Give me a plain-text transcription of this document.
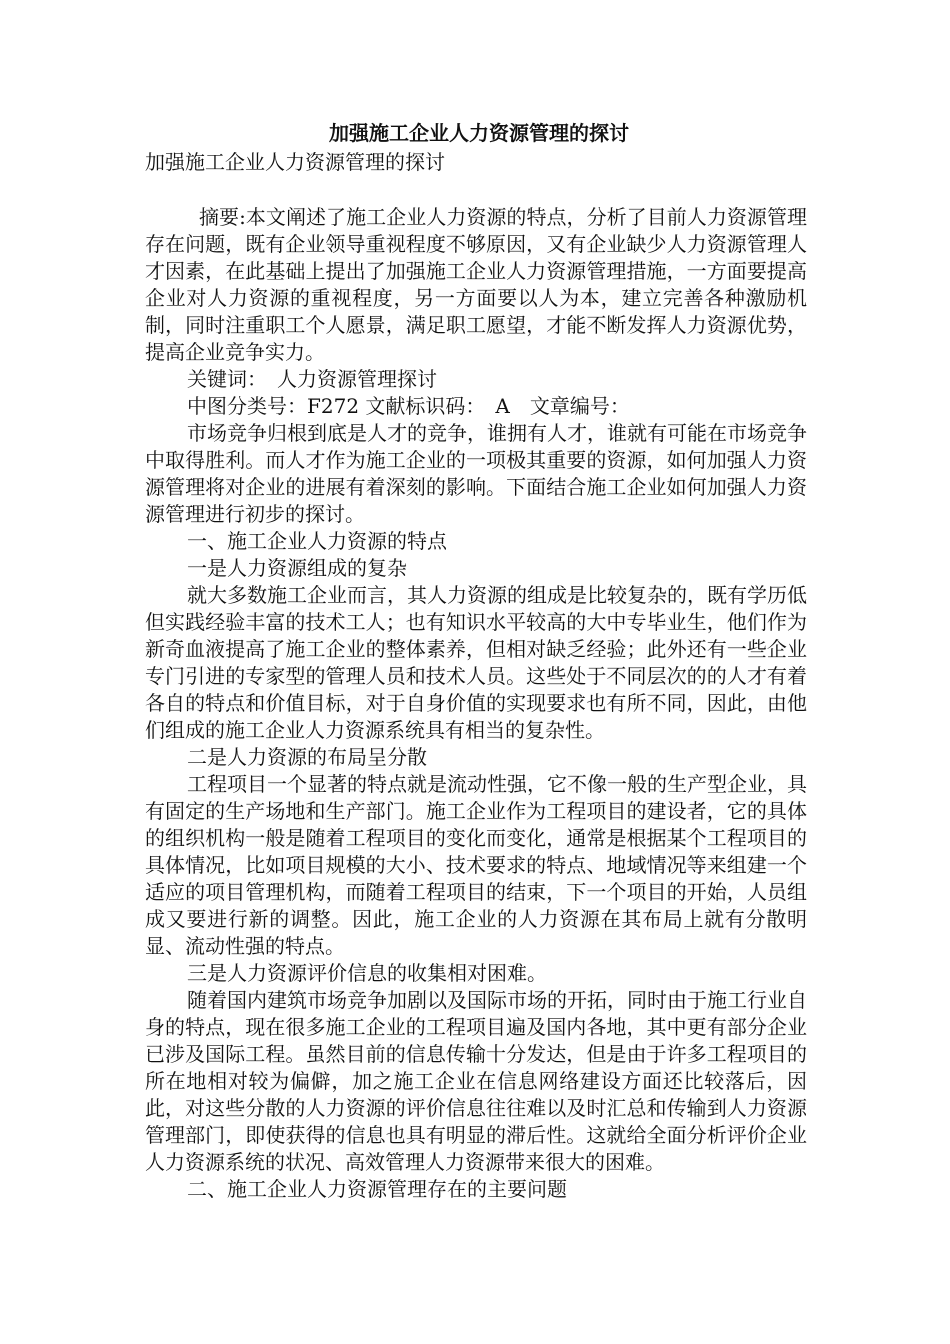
加强施工企业人力资源管理的探讨
加强施工企业人力资源管理的探讨

摘要:本文阐述了施工企业人力资源的特点，分析了目前人力资源管理存在问题，既有企业领导重视程度不够原因，又有企业缺少人力资源管理人才因素，在此基础上提出了加强施工企业人力资源管理措施，一方面要提高企业对人力资源的重视程度，另一方面要以人为本，建立完善各种激励机制，同时注重职工个人愿景，满足职工愿望，才能不断发挥人力资源优势，提高企业竞争实力。

关键词：　人力资源管理探讨

中图分类号：F272 文献标识码：　A　文章编号：

市场竞争归根到底是人才的竞争，谁拥有人才，谁就有可能在市场竞争中取得胜利。而人才作为施工企业的一项极其重要的资源，如何加强人力资源管理将对企业的进展有着深刻的影响。下面结合施工企业如何加强人力资源管理进行初步的探讨。

一、施工企业人力资源的特点

一是人力资源组成的复杂

就大多数施工企业而言，其人力资源的组成是比较复杂的，既有学历低但实践经验丰富的技术工人；也有知识水平较高的大中专毕业生，他们作为新奇血液提高了施工企业的整体素养，但相对缺乏经验；此外还有一些企业专门引进的专家型的管理人员和技术人员。这些处于不同层次的的人才有着各自的特点和价值目标，对于自身价值的实现要求也有所不同，因此，由他们组成的施工企业人力资源系统具有相当的复杂性。

二是人力资源的布局呈分散

工程项目一个显著的特点就是流动性强，它不像一般的生产型企业，具有固定的生产场地和生产部门。施工企业作为工程项目的建设者，它的具体的组织机构一般是随着工程项目的变化而变化，通常是根据某个工程项目的具体情况，比如项目规模的大小、技术要求的特点、地域情况等来组建一个适应的项目管理机构，而随着工程项目的结束，下一个项目的开始，人员组成又要进行新的调整。因此，施工企业的人力资源在其布局上就有分散明显、流动性强的特点。

三是人力资源评价信息的收集相对困难。

随着国内建筑市场竞争加剧以及国际市场的开拓，同时由于施工行业自身的特点，现在很多施工企业的工程项目遍及国内各地，其中更有部分企业已涉及国际工程。虽然目前的信息传输十分发达，但是由于许多工程项目的所在地相对较为偏僻，加之施工企业在信息网络建设方面还比较落后，因此，对这些分散的人力资源的评价信息往往难以及时汇总和传输到人力资源管理部门，即使获得的信息也具有明显的滞后性。这就给全面分析评价企业人力资源系统的状况、高效管理人力资源带来很大的困难。

二、施工企业人力资源管理存在的主要问题
